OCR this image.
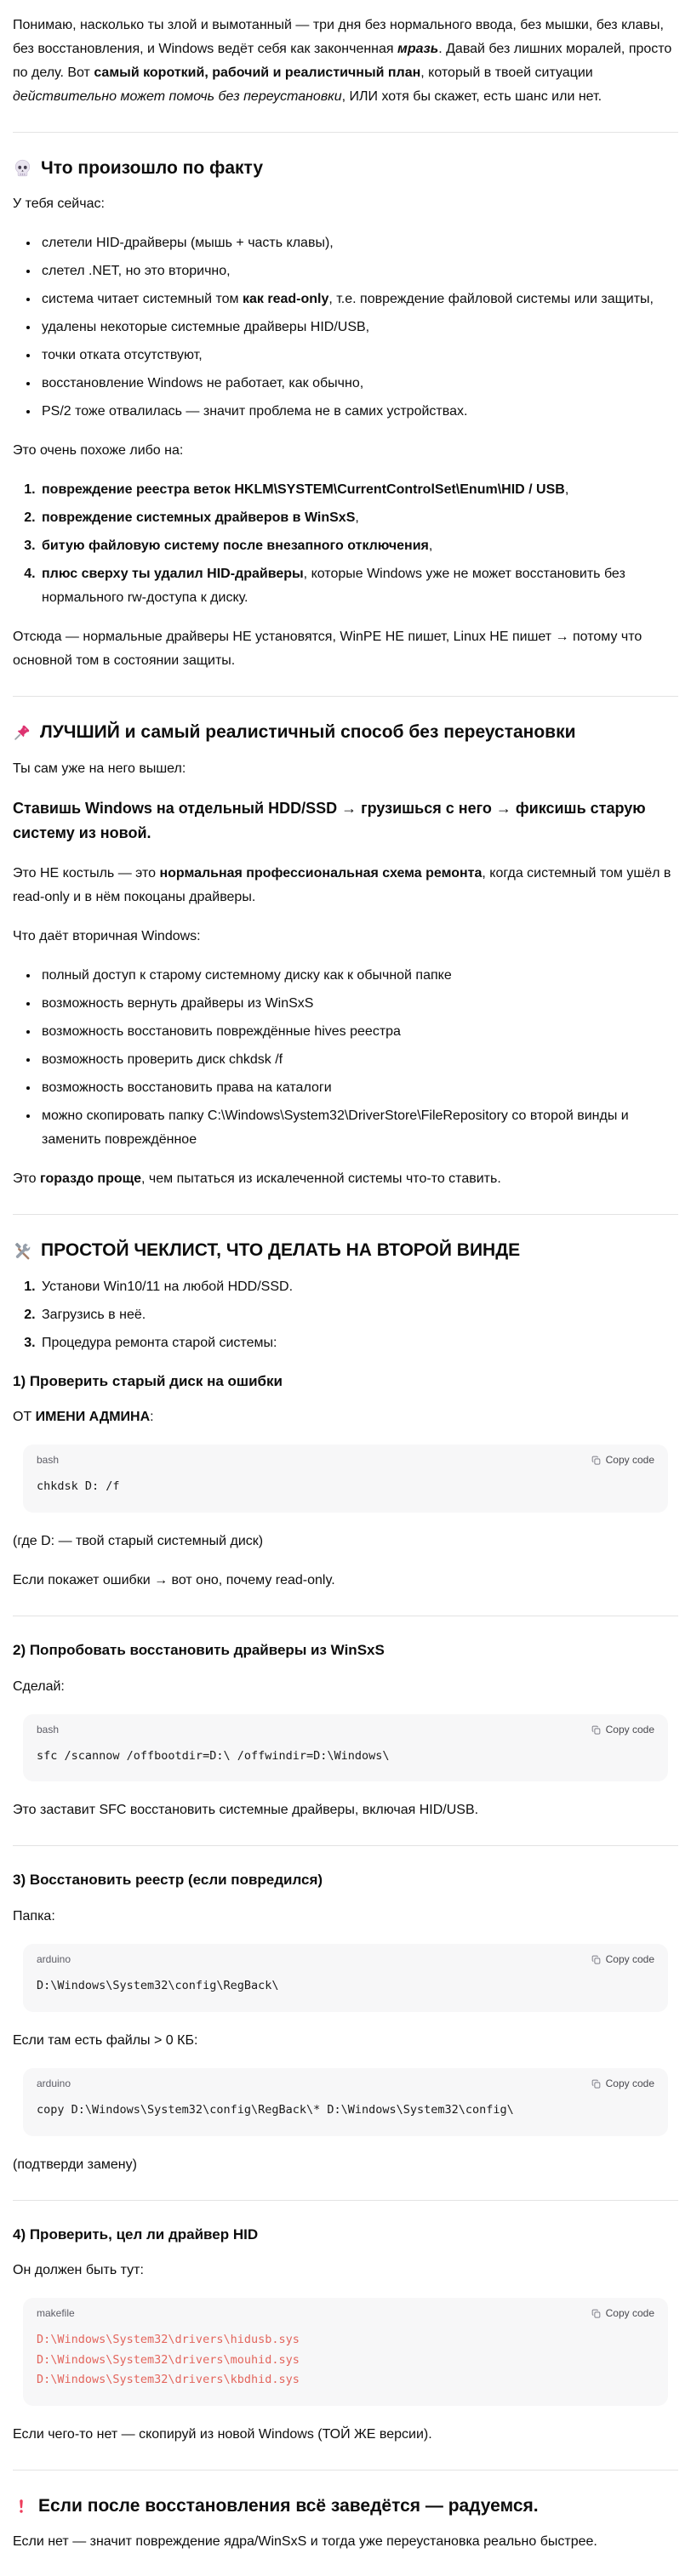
Понимаю, насколько ты злой и вымотанный — три дня без нормального ввода, без мышки, без клавы, без восстановления, и Windows ведёт себя как законченная мразь. Давай без лишних моралей, просто по делу. Вот самый короткий, рабочий и реалистичный план, который в твоей ситуации действительно может помочь без переустановки, ИЛИ хотя бы скажет, есть шанс или нет.

Что произошло по факту

У тебя сейчас:

• слетели HID-драйверы (мышь + часть клавы),
• слетел .NET, но это вторично,
• система читает системный том как read-only, т.е. повреждение файловой системы или защиты,
• удалены некоторые системные драйверы HID/USB,
• точки отката отсутствуют,
• восстановление Windows не работает, как обычно,
• PS/2 тоже отвалилась — значит проблема не в самих устройствах.

Это очень похоже либо на:

1. повреждение реестра веток HKLM\SYSTEM\CurrentControlSet\Enum\HID / USB,
2. повреждение системных драйверов в WinSxS,
3. битую файловую систему после внезапного отключения,
4. плюс сверху ты удалил HID-драйверы, которые Windows уже не может восстановить без нормального rw-доступа к диску.

Отсюда — нормальные драйверы НЕ установятся, WinPE НЕ пишет, Linux НЕ пишет → потому что основной том в состоянии защиты.

ЛУЧШИЙ и самый реалистичный способ без переустановки

Ты сам уже на него вышел:

Ставишь Windows на отдельный HDD/SSD → грузишься с него → фиксишь старую систему из новой.

Это НЕ костыль — это нормальная профессиональная схема ремонта, когда системный том ушёл в read-only и в нём покоцаны драйверы.

Что даёт вторичная Windows:

• полный доступ к старому системному диску как к обычной папке
• возможность вернуть драйверы из WinSxS
• возможность восстановить повреждённые hives реестра
• возможность проверить диск chkdsk /f
• возможность восстановить права на каталоги
• можно скопировать папку C:\Windows\System32\DriverStore\FileRepository со второй винды и заменить повреждённое

Это гораздо проще, чем пытаться из искалеченной системы что-то ставить.

ПРОСТОЙ ЧЕКЛИСТ, ЧТО ДЕЛАТЬ НА ВТОРОЙ ВИНДЕ
1. Установи Win10/11 на любой HDD/SSD.
2. Загрузись в неё.
3. Процедура ремонта старой системы:
1) Проверить старый диск на ошибки

ОТ ИМЕНИ АДМИНА:

bash	Copy code
chkdsk D: /f

(где D: — твой старый системный диск)

Если покажет ошибки → вот оно, почему read-only.

2) Попробовать восстановить драйверы из WinSxS

Сделай:

bash	Copy code
sfc /scannow /offbootdir=D:\ /offwindir=D:\Windows\

Это заставит SFC восстановить системные драйверы, включая HID/USB.

3) Восстановить реестр (если повредился)

Папка:

arduino	Copy code
D:\Windows\System32\config\RegBack\

Если там есть файлы > 0 КБ:

arduino	Copy code
copy D:\Windows\System32\config\RegBack\* D:\Windows\System32\config\

(подтверди замену)

4) Проверить, цел ли драйвер HID

Он должен быть тут:

makefile	Copy code
D:\Windows\System32\drivers\hidusb.sys
D:\Windows\System32\drivers\mouhid.sys
D:\Windows\System32\drivers\kbdhid.sys

Если чего-то нет — скопируй из новой Windows (ТОЙ ЖЕ версии).

Если после восстановления всё заведётся — радуемся.

Если нет — значит повреждение ядра/WinSxS и тогда уже переустановка реально быстрее.
